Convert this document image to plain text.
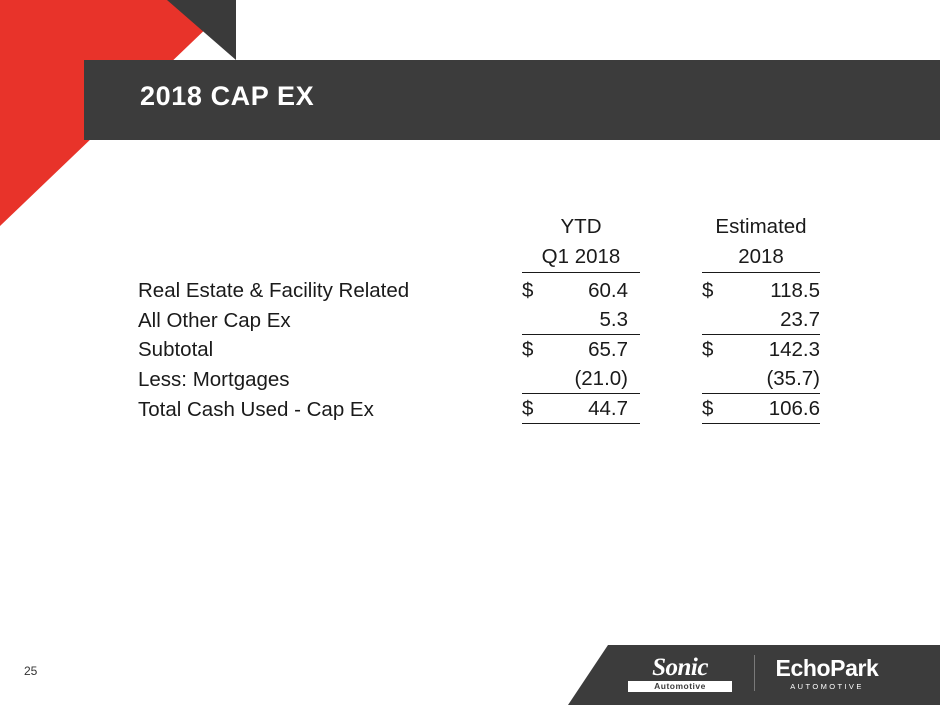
2018 CAP EX
	YTD		Estimated
	Q1 2018		2018

Real Estate & Facility Related	$ 60.4		$ 118.5
All Other Cap Ex	5.3		23.7
Subtotal	$ 65.7		$ 142.3
Less: Mortgages	(21.0)		(35.7)
Total Cash Used - Cap Ex	$ 44.7		$ 106.6
25	Sonic
Automotive
EchoPark
AUTOMOTIVE
